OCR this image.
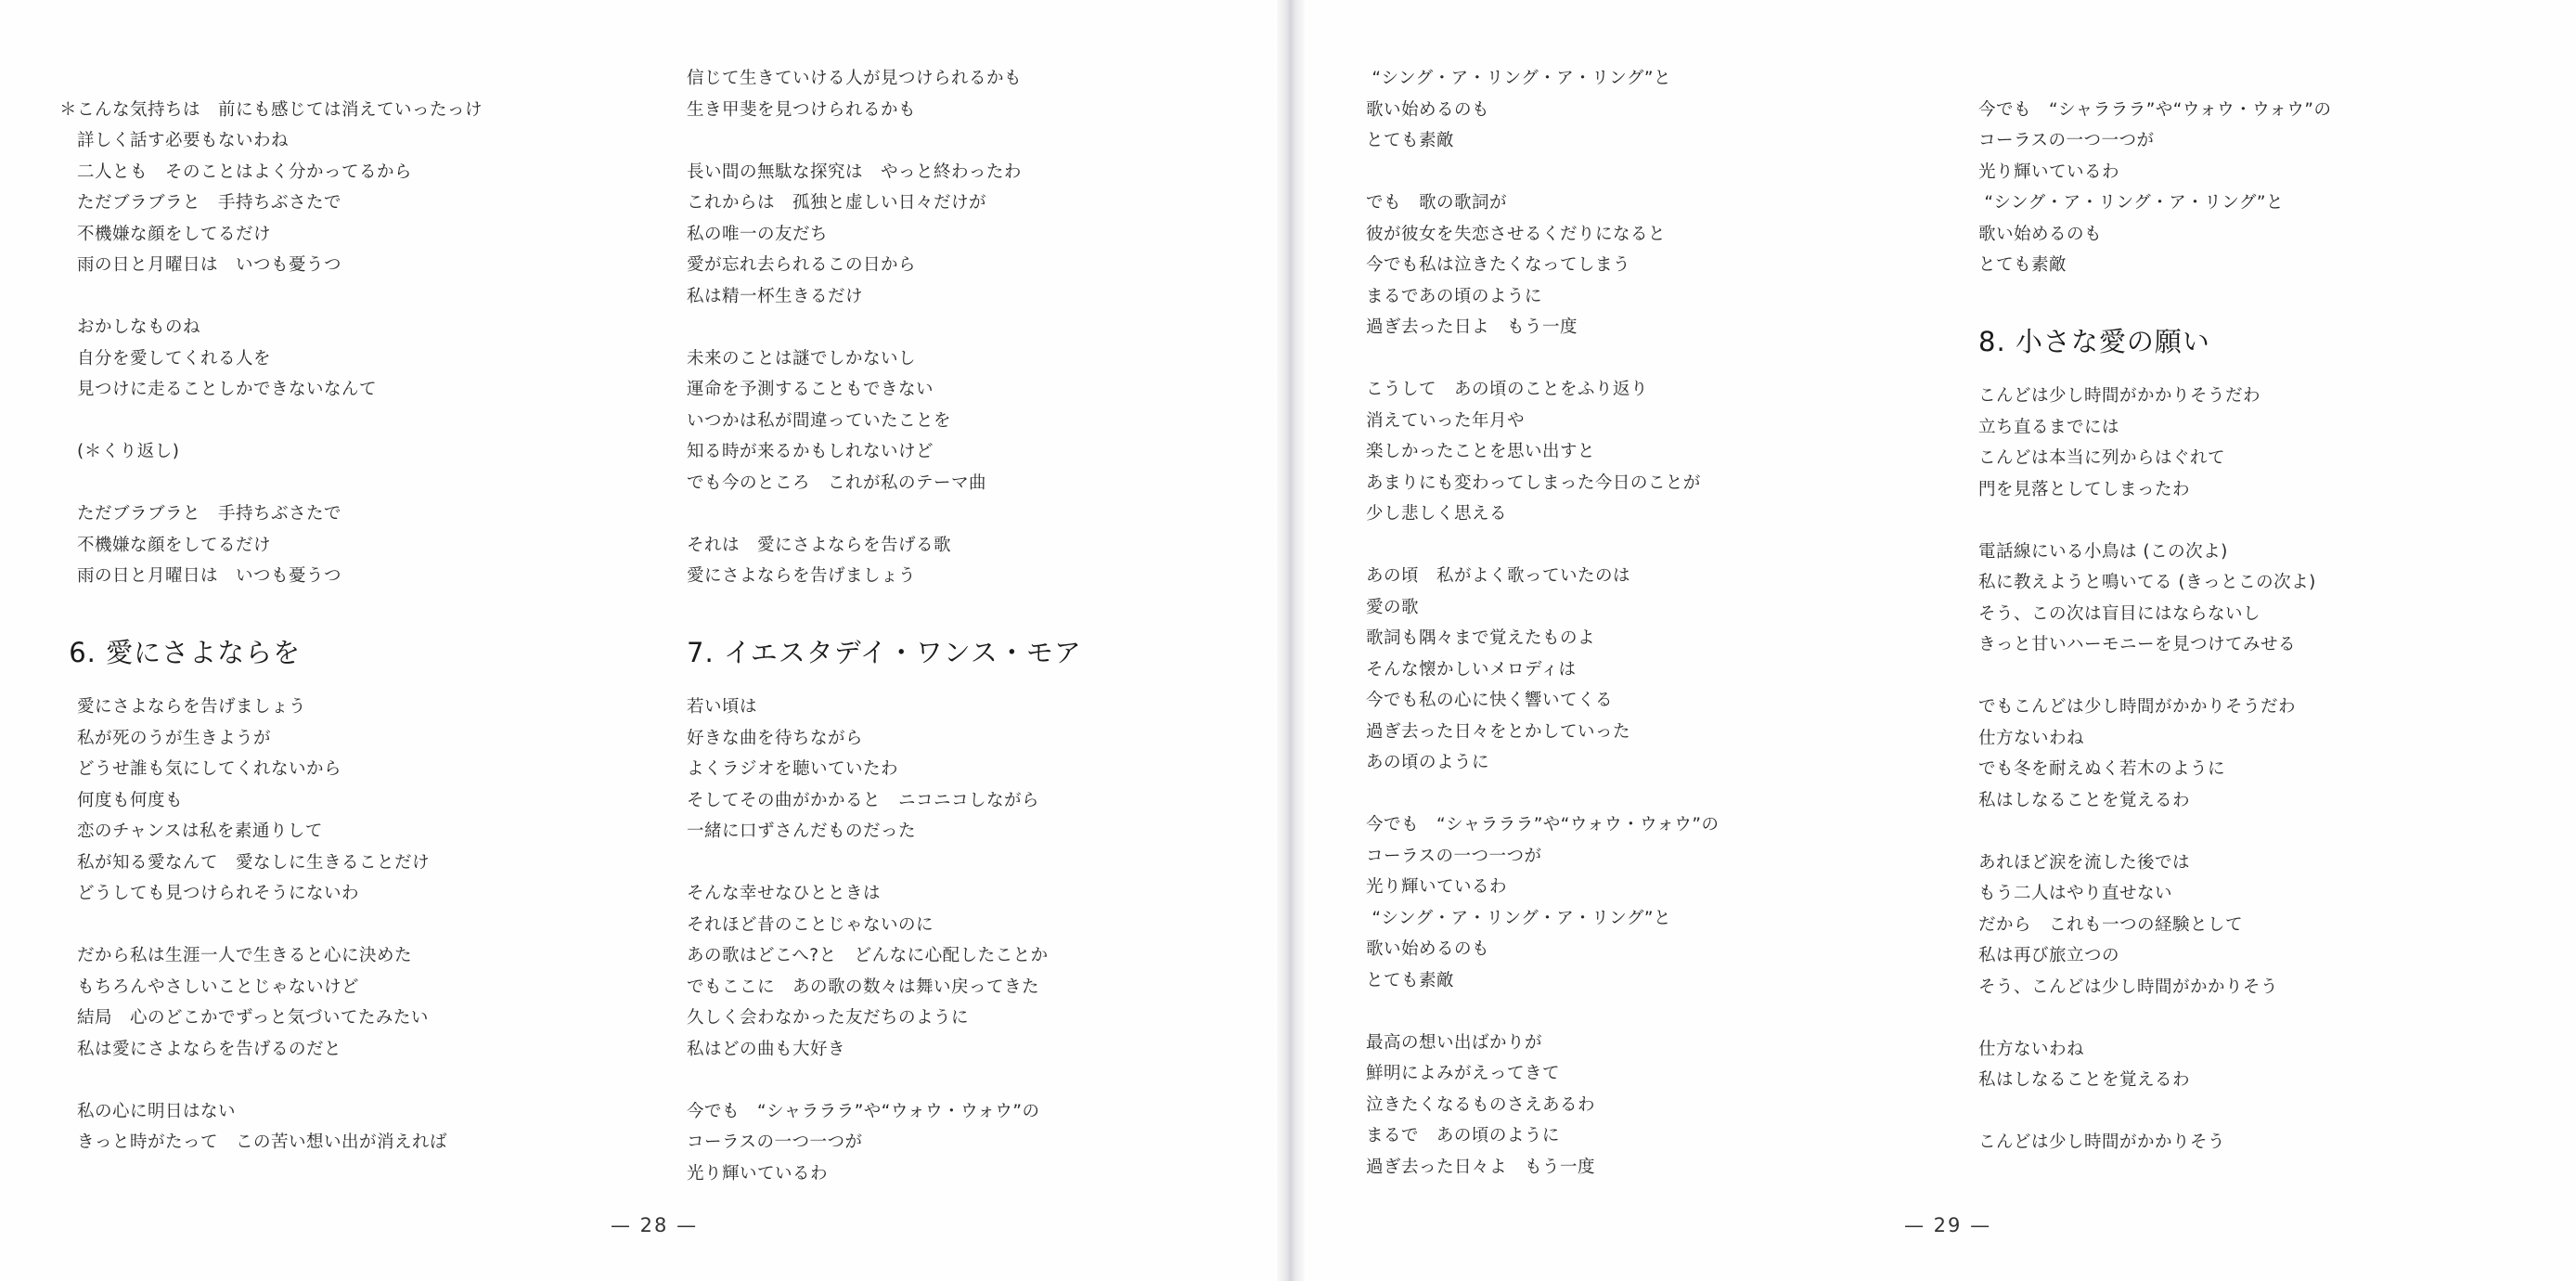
＊こんな気持ちは　前にも感じては消えていったっけ
　詳しく話す必要もないわね
　二人とも　そのことはよく分かってるから
　ただブラブラと　手持ちぶさたで
　不機嫌な顔をしてるだけ
　雨の日と月曜日は　いつも憂うつ
　おかしなものね
　自分を愛してくれる人を
　見つけに走ることしかできないなんて
　(＊くり返し)
　ただブラブラと　手持ちぶさたで
　不機嫌な顔をしてるだけ
　雨の日と月曜日は　いつも憂うつ
6. 愛にさよならを
　愛にさよならを告げましょう
　私が死のうが生きようが
　どうせ誰も気にしてくれないから
　何度も何度も
　恋のチャンスは私を素通りして
　私が知る愛なんて　愛なしに生きることだけ
　どうしても見つけられそうにないわ
　だから私は生涯一人で生きると心に決めた
　もちろんやさしいことじゃないけど
　結局　心のどこかでずっと気づいてたみたい
　私は愛にさよならを告げるのだと
　私の心に明日はない
　きっと時がたって　この苦い想い出が消えれば
信じて生きていける人が見つけられるかも
生き甲斐を見つけられるかも
長い間の無駄な探究は　やっと終わったわ
これからは　孤独と虚しい日々だけが
私の唯一の友だち
愛が忘れ去られるこの日から
私は精一杯生きるだけ
未来のことは謎でしかないし
運命を予測することもできない
いつかは私が間違っていたことを
知る時が来るかもしれないけど
でも今のところ　これが私のテーマ曲
それは　愛にさよならを告げる歌
愛にさよならを告げましょう
7. イエスタデイ・ワンス・モア
若い頃は
好きな曲を待ちながら
よくラジオを聴いていたわ
そしてその曲がかかると　ニコニコしながら
一緒に口ずさんだものだった
そんな幸せなひとときは
それほど昔のことじゃないのに
あの歌はどこへ?と　どんなに心配したことか
でもここに　あの歌の数々は舞い戻ってきた
久しく会わなかった友だちのように
私はどの曲も大好き
今でも　“シャラララ”や“ウォウ・ウォウ”の
コーラスの一つ一つが
光り輝いているわ
— 28 —
“シング・ア・リング・ア・リング”と
歌い始めるのも
とても素敵
でも　歌の歌詞が
彼が彼女を失恋させるくだりになると
今でも私は泣きたくなってしまう
まるであの頃のように
過ぎ去った日よ　もう一度
こうして　あの頃のことをふり返り
消えていった年月や
楽しかったことを思い出すと
あまりにも変わってしまった今日のことが
少し悲しく思える
あの頃　私がよく歌っていたのは
愛の歌
歌詞も隅々まで覚えたものよ
そんな懐かしいメロディは
今でも私の心に快く響いてくる
過ぎ去った日々をとかしていった
あの頃のように
今でも　“シャラララ”や“ウォウ・ウォウ”の
コーラスの一つ一つが
光り輝いているわ
“シング・ア・リング・ア・リング”と
歌い始めるのも
とても素敵
最高の想い出ばかりが
鮮明によみがえってきて
泣きたくなるものさえあるわ
まるで　あの頃のように
過ぎ去った日々よ　もう一度
今でも　“シャラララ”や“ウォウ・ウォウ”の
コーラスの一つ一つが
光り輝いているわ
“シング・ア・リング・ア・リング”と
歌い始めるのも
とても素敵
8. 小さな愛の願い
こんどは少し時間がかかりそうだわ
立ち直るまでには
こんどは本当に列からはぐれて
門を見落としてしまったわ
電話線にいる小鳥は (この次よ)
私に教えようと鳴いてる (きっとこの次よ)
そう、この次は盲目にはならないし
きっと甘いハーモニーを見つけてみせる
でもこんどは少し時間がかかりそうだわ
仕方ないわね
でも冬を耐えぬく若木のように
私はしなることを覚えるわ
あれほど涙を流した後では
もう二人はやり直せない
だから　これも一つの経験として
私は再び旅立つの
そう、こんどは少し時間がかかりそう
仕方ないわね
私はしなることを覚えるわ
こんどは少し時間がかかりそう
— 29 —
